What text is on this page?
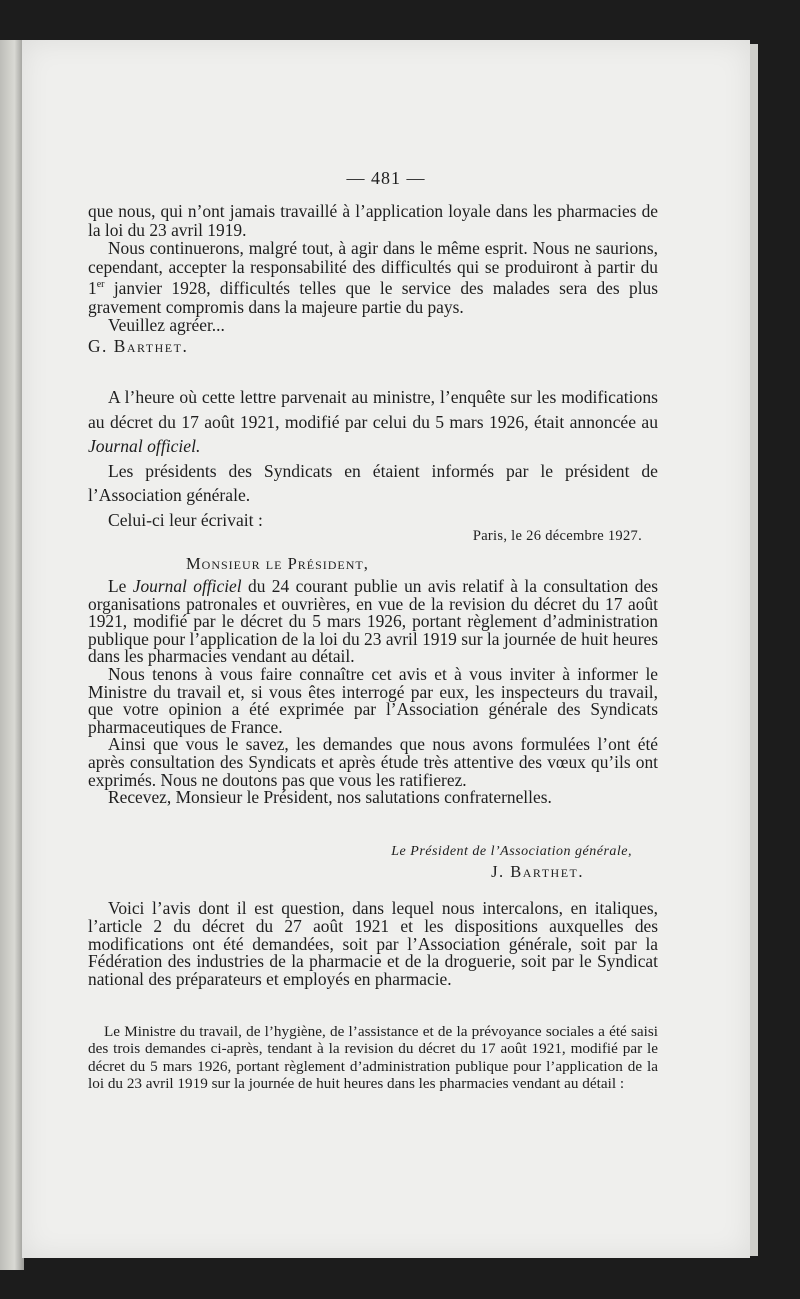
— 481 —

que nous, qui n’ont jamais travaillé à l’application loyale dans les pharmacies de la loi du 23 avril 1919.

Nous continuerons, malgré tout, à agir dans le même esprit. Nous ne saurions, cependant, accepter la responsabilité des difficultés qui se produiront à partir du 1er janvier 1928, difficultés telles que le service des malades sera des plus gravement compromis dans la majeure partie du pays.

Veuillez agréer...

G. Barthet.

A l’heure où cette lettre parvenait au ministre, l’enquête sur les modifications au décret du 17 août 1921, modifié par celui du 5 mars 1926, était annoncée au Journal officiel.

Les présidents des Syndicats en étaient informés par le président de l’Association générale.

Celui-ci leur écrivait :

Paris, le 26 décembre 1927.
Monsieur le Président,

Le Journal officiel du 24 courant publie un avis relatif à la consultation des organisations patronales et ouvrières, en vue de la revision du décret du 17 août 1921, modifié par le décret du 5 mars 1926, portant règlement d’administration publique pour l’application de la loi du 23 avril 1919 sur la journée de huit heures dans les pharmacies vendant au détail.

Nous tenons à vous faire connaître cet avis et à vous inviter à informer le Ministre du travail et, si vous êtes interrogé par eux, les inspecteurs du travail, que votre opinion a été exprimée par l’Association générale des Syndicats pharmaceutiques de France.

Ainsi que vous le savez, les demandes que nous avons formulées l’ont été après consultation des Syndicats et après étude très attentive des vœux qu’ils ont exprimés. Nous ne doutons pas que vous les ratifierez.

Recevez, Monsieur le Président, nos salutations confraternelles.

Le Président de l’Association générale,
J. Barthet.

Voici l’avis dont il est question, dans lequel nous intercalons, en italiques, l’article 2 du décret du 27 août 1921 et les dispositions auxquelles des modifications ont été demandées, soit par l’Association générale, soit par la Fédération des industries de la pharmacie et de la droguerie, soit par le Syndicat national des préparateurs et employés en pharmacie.

Le Ministre du travail, de l’hygiène, de l’assistance et de la prévoyance sociales a été saisi des trois demandes ci-après, tendant à la revision du décret du 17 août 1921, modifié par le décret du 5 mars 1926, portant règlement d’administration publique pour l’application de la loi du 23 avril 1919 sur la journée de huit heures dans les pharmacies vendant au détail :
